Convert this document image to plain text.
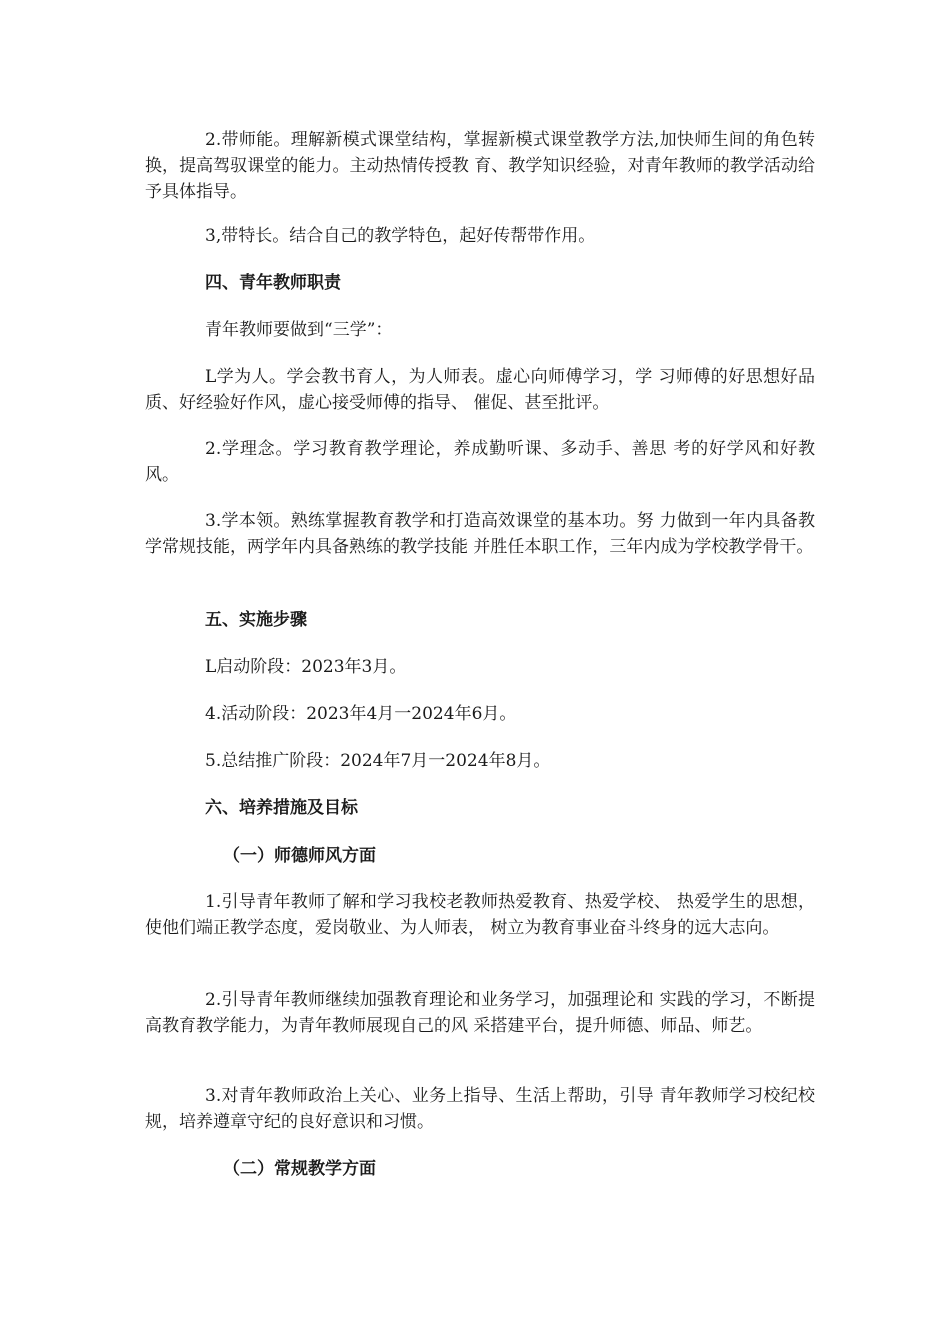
2.带师能。理解新模式课堂结构，掌握新模式课堂教学方法,加快师生间的角色转换，提高驾驭课堂的能力。主动热情传授教 育、教学知识经验，对青年教师的教学活动给予具体指导。

3,带特长。结合自己的教学特色，起好传帮带作用。

四、青年教师职责

青年教师要做到“三学”：

L学为人。学会教书育人，为人师表。虚心向师傅学习，学 习师傅的好思想好品质、好经验好作风，虚心接受师傅的指导、 催促、甚至批评。

2.学理念。学习教育教学理论，养成勤听课、多动手、善思 考的好学风和好教风。

3.学本领。熟练掌握教育教学和打造高效课堂的基本功。努 力做到一年内具备教学常规技能，两学年内具备熟练的教学技能 并胜任本职工作，三年内成为学校教学骨干。

五、实施步骤

L启动阶段：2023年3月。

4.活动阶段：2023年4月一2024年6月。

5.总结推广阶段：2024年7月一2024年8月。

六、培养措施及目标

（一）师德师风方面

1.引导青年教师了解和学习我校老教师热爱教育、热爱学校、 热爱学生的思想，使他们端正教学态度，爱岗敬业、为人师表， 树立为教育事业奋斗终身的远大志向。

2.引导青年教师继续加强教育理论和业务学习，加强理论和 实践的学习，不断提高教育教学能力，为青年教师展现自己的风 采搭建平台，提升师德、师品、师艺。

3.对青年教师政治上关心、业务上指导、生活上帮助，引导 青年教师学习校纪校规，培养遵章守纪的良好意识和习惯。

（二）常规教学方面
